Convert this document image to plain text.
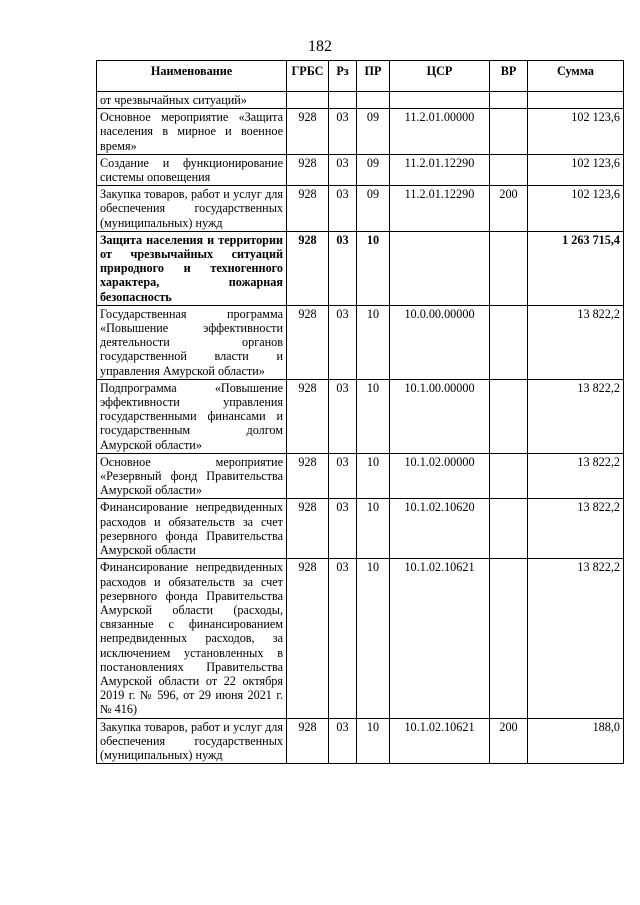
182
Наименование	ГРБС	Рз	ПР	ЦСР	ВР	Сумма
от чрезвычайных ситуаций»						
Основное мероприятие «Защита населения в мирное и военное время»	928	03	09	11.2.01.00000		102 123,6
Создание и функционирование системы оповещения	928	03	09	11.2.01.12290		102 123,6
Закупка товаров, работ и услуг для обеспечения государственных (муниципальных) нужд	928	03	09	11.2.01.12290	200	102 123,6
Защита населения и территории от чрезвычайных ситуаций природного и техногенного характера, пожарная безопасность	928	03	10			1 263 715,4
Государственная программа «Повышение эффективности деятельности органов государственной власти и управления Амурской области»	928	03	10	10.0.00.00000		13 822,2
Подпрограмма «Повышение эффективности управления государственными финансами и государственным долгом Амурской области»	928	03	10	10.1.00.00000		13 822,2
Основное мероприятие «Резервный фонд Правительства Амурской области»	928	03	10	10.1.02.00000		13 822,2
Финансирование непредвиденных расходов и обязательств за счет резервного фонда Правительства Амурской области	928	03	10	10.1.02.10620		13 822,2
Финансирование непредвиденных расходов и обязательств за счет резервного фонда Правительства Амурской области (расходы, связанные с финансированием непредвиденных расходов, за исключением установленных в постановлениях Правительства Амурской области от 22 октября 2019 г. № 596, от 29 июня 2021 г. № 416)	928	03	10	10.1.02.10621		13 822,2
Закупка товаров, работ и услуг для обеспечения государственных (муниципальных) нужд	928	03	10	10.1.02.10621	200	188,0
